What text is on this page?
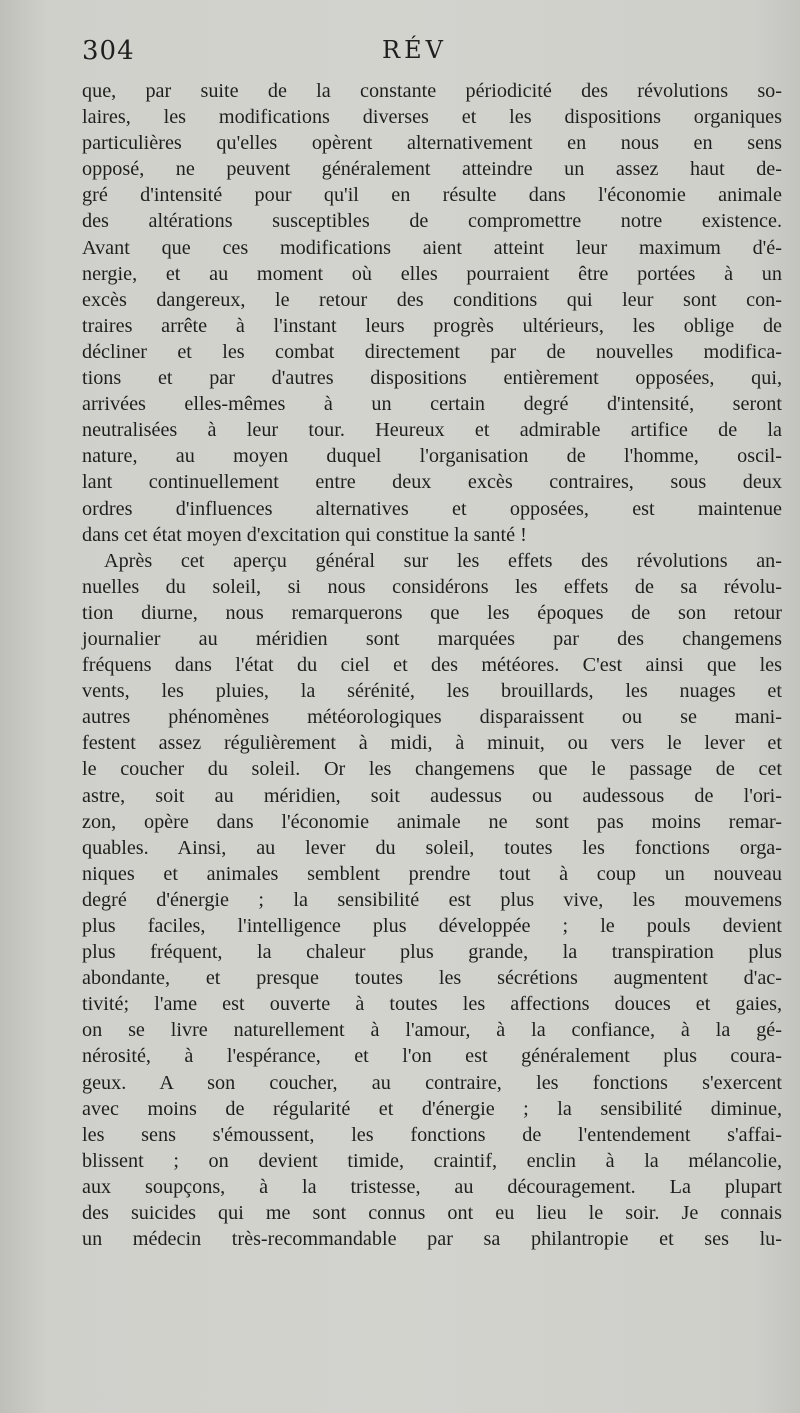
304	RÉV
que, par suite de la constante périodicité des révolutions so-
laires, les modifications diverses et les dispositions organiques
particulières qu'elles opèrent alternativement en nous en sens
opposé, ne peuvent généralement atteindre un assez haut de-
gré d'intensité pour qu'il en résulte dans l'économie animale
des altérations susceptibles de compromettre notre existence.
Avant que ces modifications aient atteint leur maximum d'é-
nergie, et au moment où elles pourraient être portées à un
excès dangereux, le retour des conditions qui leur sont con-
traires arrête à l'instant leurs progrès ultérieurs, les oblige de
décliner et les combat directement par de nouvelles modifica-
tions et par d'autres dispositions entièrement opposées, qui,
arrivées elles-mêmes à un certain degré d'intensité, seront
neutralisées à leur tour. Heureux et admirable artifice de la
nature, au moyen duquel l'organisation de l'homme, oscil-
lant continuellement entre deux excès contraires, sous deux
ordres d'influences alternatives et opposées, est maintenue
dans cet état moyen d'excitation qui constitue la santé !
Après cet aperçu général sur les effets des révolutions an-
nuelles du soleil, si nous considérons les effets de sa révolu-
tion diurne, nous remarquerons que les époques de son retour
journalier au méridien sont marquées par des changemens
fréquens dans l'état du ciel et des météores. C'est ainsi que les
vents, les pluies, la sérénité, les brouillards, les nuages et
autres phénomènes météorologiques disparaissent ou se mani-
festent assez régulièrement à midi, à minuit, ou vers le lever et
le coucher du soleil. Or les changemens que le passage de cet
astre, soit au méridien, soit audessus ou audessous de l'ori-
zon, opère dans l'économie animale ne sont pas moins remar-
quables. Ainsi, au lever du soleil, toutes les fonctions orga-
niques et animales semblent prendre tout à coup un nouveau
degré d'énergie ; la sensibilité est plus vive, les mouvemens
plus faciles, l'intelligence plus développée ; le pouls devient
plus fréquent, la chaleur plus grande, la transpiration plus
abondante, et presque toutes les sécrétions augmentent d'ac-
tivité; l'ame est ouverte à toutes les affections douces et gaies,
on se livre naturellement à l'amour, à la confiance, à la gé-
nérosité, à l'espérance, et l'on est généralement plus coura-
geux. A son coucher, au contraire, les fonctions s'exercent
avec moins de régularité et d'énergie ; la sensibilité diminue,
les sens s'émoussent, les fonctions de l'entendement s'affai-
blissent ; on devient timide, craintif, enclin à la mélancolie,
aux soupçons, à la tristesse, au découragement. La plupart
des suicides qui me sont connus ont eu lieu le soir. Je connais
un médecin très-recommandable par sa philantropie et ses lu-
